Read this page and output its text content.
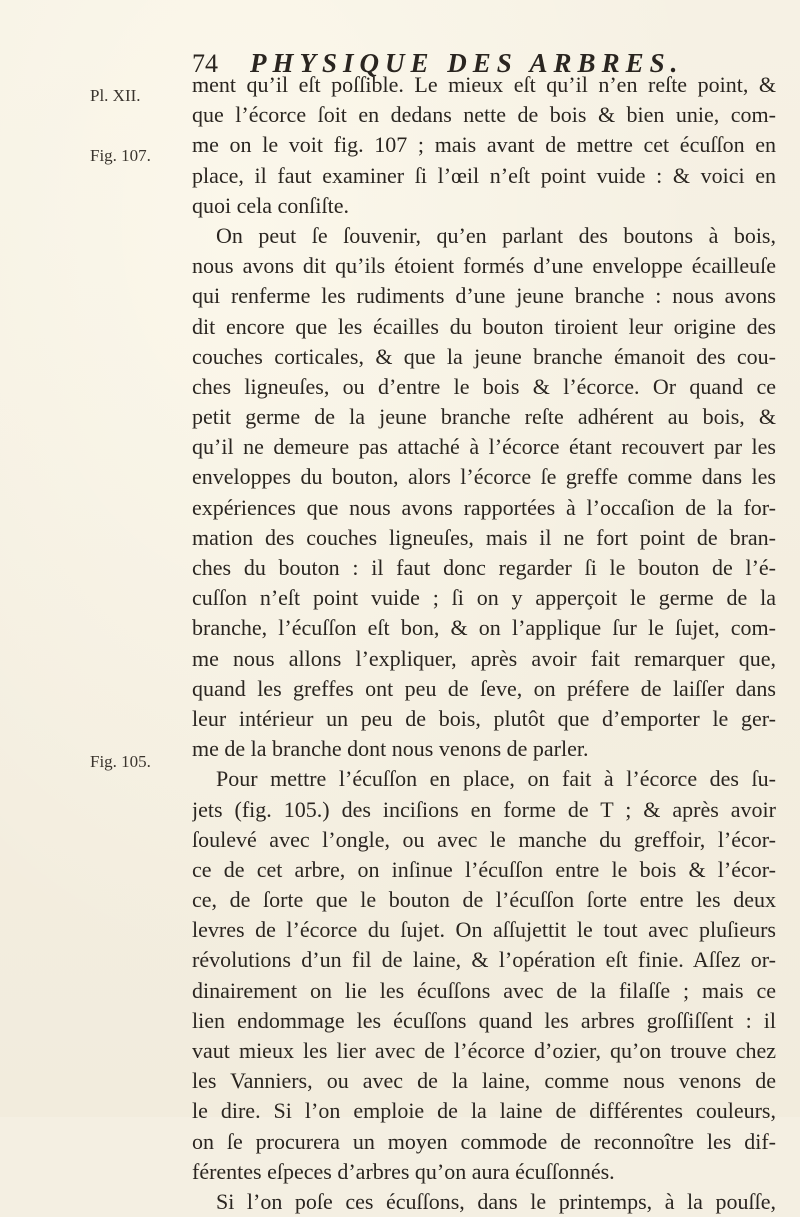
74 PHYSIQUE DES ARBRES.
Pl. XII.
Fig. 107.
Fig. 105.
ment qu’il eſt poſſible. Le mieux eſt qu’il n’en reſte point, &
que l’écorce ſoit en dedans nette de bois & bien unie, com-
me on le voit fig. 107 ; mais avant de mettre cet écuſſon en
place, il faut examiner ſi l’œil n’eſt point vuide : & voici en
quoi cela conſiſte.
On peut ſe ſouvenir, qu’en parlant des boutons à bois,
nous avons dit qu’ils étoient formés d’une enveloppe écailleuſe
qui renferme les rudiments d’une jeune branche : nous avons
dit encore que les écailles du bouton tiroient leur origine des
couches corticales, & que la jeune branche émanoit des cou-
ches ligneuſes, ou d’entre le bois & l’écorce. Or quand ce
petit germe de la jeune branche reſte adhérent au bois, &
qu’il ne demeure pas attaché à l’écorce étant recouvert par les
enveloppes du bouton, alors l’écorce ſe greffe comme dans les
expériences que nous avons rapportées à l’occaſion de la for-
mation des couches ligneuſes, mais il ne fort point de bran-
ches du bouton : il faut donc regarder ſi le bouton de l’é-
cuſſon n’eſt point vuide ; ſi on y apperçoit le germe de la
branche, l’écuſſon eſt bon, & on l’applique ſur le ſujet, com-
me nous allons l’expliquer, après avoir fait remarquer que,
quand les greffes ont peu de ſeve, on préfere de laiſſer dans
leur intérieur un peu de bois, plutôt que d’emporter le ger-
me de la branche dont nous venons de parler.
Pour mettre l’écuſſon en place, on fait à l’écorce des ſu-
jets (fig. 105.) des inciſions en forme de T ; & après avoir
ſoulevé avec l’ongle, ou avec le manche du greffoir, l’écor-
ce de cet arbre, on inſinue l’écuſſon entre le bois & l’écor-
ce, de ſorte que le bouton de l’écuſſon ſorte entre les deux
levres de l’écorce du ſujet. On aſſujettit le tout avec pluſieurs
révolutions d’un fil de laine, & l’opération eſt finie. Aſſez or-
dinairement on lie les écuſſons avec de la filaſſe ; mais ce
lien endommage les écuſſons quand les arbres groſſiſſent : il
vaut mieux les lier avec de l’écorce d’ozier, qu’on trouve chez
les Vanniers, ou avec de la laine, comme nous venons de
le dire. Si l’on emploie de la laine de différentes couleurs,
on ſe procurera un moyen commode de reconnoître les dif-
férentes eſpeces d’arbres qu’on aura écuſſonnés.
Si l’on poſe ces écuſſons, dans le printemps, à la pouſſe,
